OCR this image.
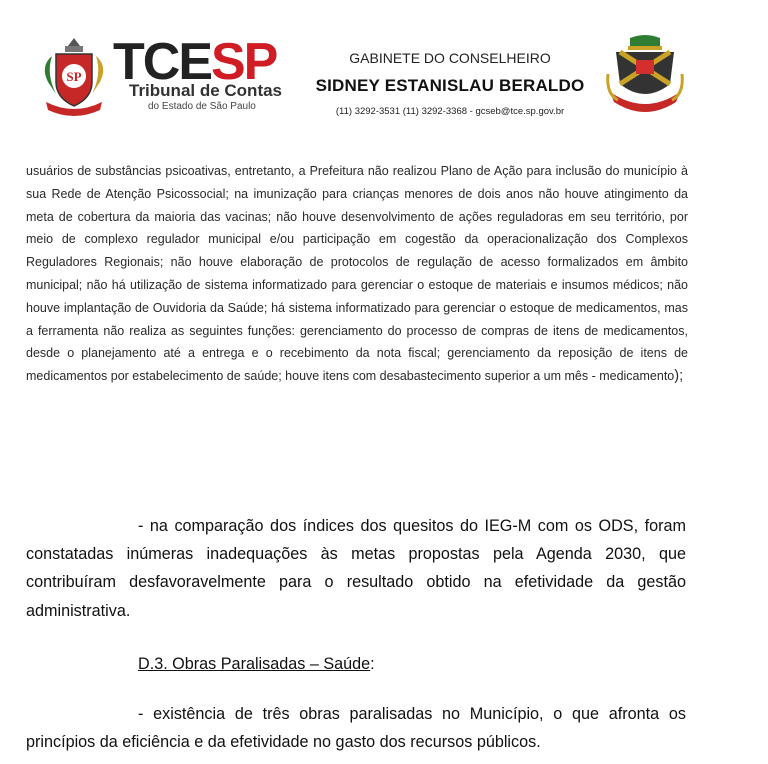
SP TCESP
Tribunal de Contas
do Estado de São Paulo
GABINETE DO CONSELHEIRO
SIDNEY ESTANISLAU BERALDO
(11) 3292-3531 (11) 3292-3368 - gcseb@tce.sp.gov.br

usuários de substâncias psicoativas, entretanto, a Prefeitura não realizou Plano de Ação para inclusão do município à sua Rede de Atenção Psicossocial; na imunização para crianças menores de dois anos não houve atingimento da meta de cobertura da maioria das vacinas; não houve desenvolvimento de ações reguladoras em seu território, por meio de complexo regulador municipal e/ou participação em cogestão da operacionalização dos Complexos Reguladores Regionais; não houve elaboração de protocolos de regulação de acesso formalizados em âmbito municipal; não há utilização de sistema informatizado para gerenciar o estoque de materiais e insumos médicos; não houve implantação de Ouvidoria da Saúde; há sistema informatizado para gerenciar o estoque de medicamentos, mas a ferramenta não realiza as seguintes funções: gerenciamento do processo de compras de itens de medicamentos, desde o planejamento até a entrega e o recebimento da nota fiscal; gerenciamento da reposição de itens de medicamentos por estabelecimento de saúde; houve itens com desabastecimento superior a um mês - medicamento);

- na comparação dos índices dos quesitos do IEG-M com os ODS, foram constatadas inúmeras inadequações às metas propostas pela Agenda 2030, que contribuíram desfavoravelmente para o resultado obtido na efetividade da gestão administrativa.

D.3. Obras Paralisadas – Saúde:

- existência de três obras paralisadas no Município, o que afronta os princípios da eficiência e da efetividade no gasto dos recursos públicos.
